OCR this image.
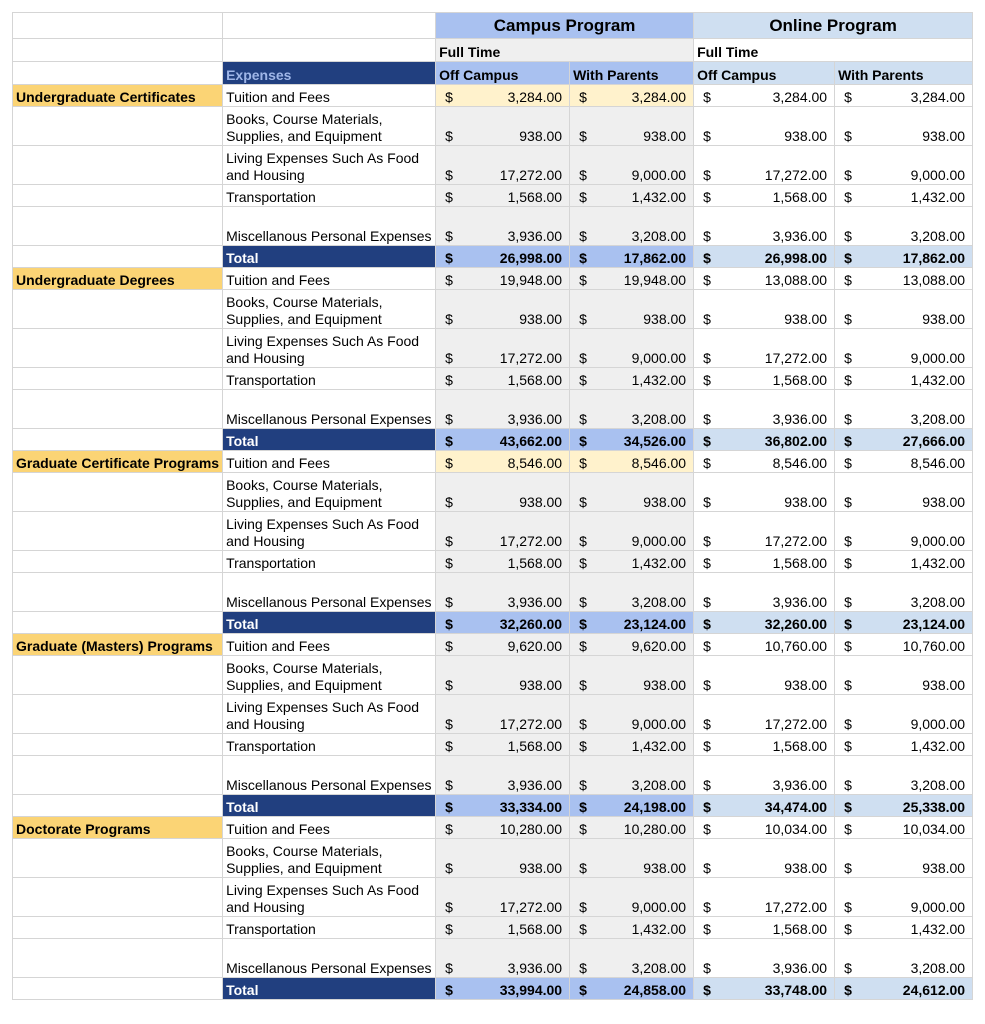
		Campus Program		Online Program	
		Full Time		Full Time	
	Expenses	Off Campus	With Parents	Off Campus	With Parents
Undergraduate Certificates	Tuition and Fees	$ 3,284.00	$ 3,284.00	$ 3,284.00	$ 3,284.00

	Books, Course Materials, Supplies, and Equipment	$ 938.00	$ 938.00	$ 938.00	$ 938.00

	Living Expenses Such As Food and Housing	$ 17,272.00	$ 9,000.00	$ 17,272.00	$ 9,000.00

	Transportation	$ 1,568.00	$ 1,432.00	$ 1,568.00	$ 1,432.00

	Miscellanous Personal Expenses	$ 3,936.00	$ 3,208.00	$ 3,936.00	$ 3,208.00

	Total	$ 26,998.00	$ 17,862.00	$ 26,998.00	$ 17,862.00

Undergraduate Degrees	Tuition and Fees	$ 19,948.00	$ 19,948.00	$ 13,088.00	$ 13,088.00

	Books, Course Materials, Supplies, and Equipment	$ 938.00	$ 938.00	$ 938.00	$ 938.00

	Living Expenses Such As Food and Housing	$ 17,272.00	$ 9,000.00	$ 17,272.00	$ 9,000.00

	Transportation	$ 1,568.00	$ 1,432.00	$ 1,568.00	$ 1,432.00

	Miscellanous Personal Expenses	$ 3,936.00	$ 3,208.00	$ 3,936.00	$ 3,208.00

	Total	$ 43,662.00	$ 34,526.00	$ 36,802.00	$ 27,666.00

Graduate Certificate Programs	Tuition and Fees	$ 8,546.00	$ 8,546.00	$ 8,546.00	$ 8,546.00

	Books, Course Materials, Supplies, and Equipment	$ 938.00	$ 938.00	$ 938.00	$ 938.00

	Living Expenses Such As Food and Housing	$ 17,272.00	$ 9,000.00	$ 17,272.00	$ 9,000.00

	Transportation	$ 1,568.00	$ 1,432.00	$ 1,568.00	$ 1,432.00

	Miscellanous Personal Expenses	$ 3,936.00	$ 3,208.00	$ 3,936.00	$ 3,208.00

	Total	$ 32,260.00	$ 23,124.00	$ 32,260.00	$ 23,124.00

Graduate (Masters) Programs	Tuition and Fees	$ 9,620.00	$ 9,620.00	$ 10,760.00	$ 10,760.00

	Books, Course Materials, Supplies, and Equipment	$ 938.00	$ 938.00	$ 938.00	$ 938.00

	Living Expenses Such As Food and Housing	$ 17,272.00	$ 9,000.00	$ 17,272.00	$ 9,000.00

	Transportation	$ 1,568.00	$ 1,432.00	$ 1,568.00	$ 1,432.00

	Miscellanous Personal Expenses	$ 3,936.00	$ 3,208.00	$ 3,936.00	$ 3,208.00

	Total	$ 33,334.00	$ 24,198.00	$ 34,474.00	$ 25,338.00

Doctorate Programs	Tuition and Fees	$ 10,280.00	$ 10,280.00	$ 10,034.00	$ 10,034.00

	Books, Course Materials, Supplies, and Equipment	$ 938.00	$ 938.00	$ 938.00	$ 938.00

	Living Expenses Such As Food and Housing	$ 17,272.00	$ 9,000.00	$ 17,272.00	$ 9,000.00

	Transportation	$ 1,568.00	$ 1,432.00	$ 1,568.00	$ 1,432.00

	Miscellanous Personal Expenses	$ 3,936.00	$ 3,208.00	$ 3,936.00	$ 3,208.00

	Total	$ 33,994.00	$ 24,858.00	$ 33,748.00	$ 24,612.00
